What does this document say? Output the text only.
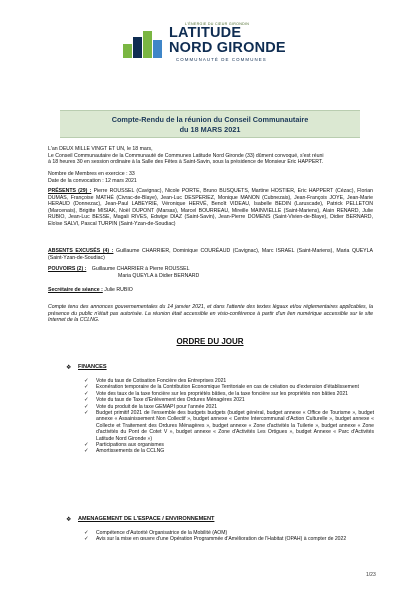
L'ÉNERGIE DU CŒUR GIRONDIN
LATITUDE
NORD GIRONDE
COMMUNAUTÉ DE COMMUNES
Compte-Rendu de la réunion du Conseil Communautaire
du 18 MARS 2021
L'an DEUX MILLE VINGT ET UN, le 18 mars,
Le Conseil Communautaire de la Communauté de Communes Latitude Nord Gironde (33) dûment convoqué, s'est réuni
à 18 heures 30 en session ordinaire à la Salle des Fêtes à Saint-Savin, sous la présidence de Monsieur Eric HAPPERT.
Nombre de Membres en exercice : 33
Date de la convocation : 12 mars 2021
PRÉSENTS (29) : Pierre ROUSSEL (Cavignac), Nicole PORTE, Bruno BUSQUETS, Martine HOSTIER, Eric HAPPERT (Cézac), Florian DUMAS, Françoise MATHÉ (Civrac-de-Blaye), Jean-Luc DESPERIEZ, Monique MANON (Cubnezais), Jean-François JOYE, Jean-Marie HERAUD (Donnezac), Jean-Paul LABEYRIE, Véronique HERVÉ, Benoît VIDEAU, Isabelle BEDIN (Laruscade), Patrick PELLETON (Marcenais), Brigitte MISIAK, Noël DUPONT (Marsas), Marcel BOURREAU, Mireille MAINVIELLE (Saint-Mariens), Alain RENARD, Julie RUBIO, Jean-Luc BESSE, Magali RIVES, Edwige DIAZ (Saint-Savin), Jean-Pierre DOMENS (Saint-Vivien-de-Blaye), Didier BERNARD, Eloïse SALVI, Pascal TURPIN (Saint-Yzan-de-Soudiac)
ABSENTS EXCUSÉS (4) : Guillaume CHARRIER, Dominique COURÉAUD (Cavignac), Marc ISRAEL (Saint-Mariens), Maria QUEYLA (Saint-Yzan-de-Soudiac)
POUVOIRS (2) : Guillaume CHARRIER à Pierre ROUSSEL
Maria QUEYLA à Didier BERNARD
Secrétaire de séance : Julie RUBIO
Compte tenu des annonces gouvernementales du 14 janvier 2021, et dans l'attente des textes légaux et/ou réglementaires applicables, la présence du public n'était pas autorisée. La réunion était accessible en visio-conférence à partir d'un lien numérique accessible sur le site Internet de la CCLNG.
ORDRE DU JOUR
❖ FINANCES
✓ Vote du taux de Cotisation Foncière des Entreprises 2021
✓ Exonération temporaire de la Contribution Economique Territoriale en cas de création ou d'extension d'établissement
✓ Vote des taux de la taxe foncière sur les propriétés bâties, de la taxe foncière sur les propriétés non bâties 2021
✓ Vote du taux de Taxe d'Enlèvement des Ordures Ménagères 2021
✓ Vote du produit de la taxe GEMAPI pour l'année 2021
✓ Budget primitif 2021 de l'ensemble des budgets budgets (budget général, budget annexe « Office de Tourisme », budget annexe « Assainissement Non Collectif », budget annexe « Centre Intercommunal d'Action Culturelle », budget annexe « Collecte et Traitement des Ordures Ménagères », budget annexe « Zone d'activités la Tuilerie », budget annexe « Zone d'activités du Pont de Cotet V », budget annexe « Zone d'Activités Les Ortigues », budget Annexe « Parc d'Activités Latitude Nord Gironde »)
✓ Participations aux organismes
✓ Amortissements de la CCLNG
❖ AMENAGEMENT DE L'ESPACE / ENVIRONNEMENT
✓ Compétence d'Autorité Organisatrice de la Mobilité (AOM)
✓ Avis sur la mise en œuvre d'une Opération Programmée d'Amélioration de l'Habitat (OPAH) à compter de 2022
1/23
